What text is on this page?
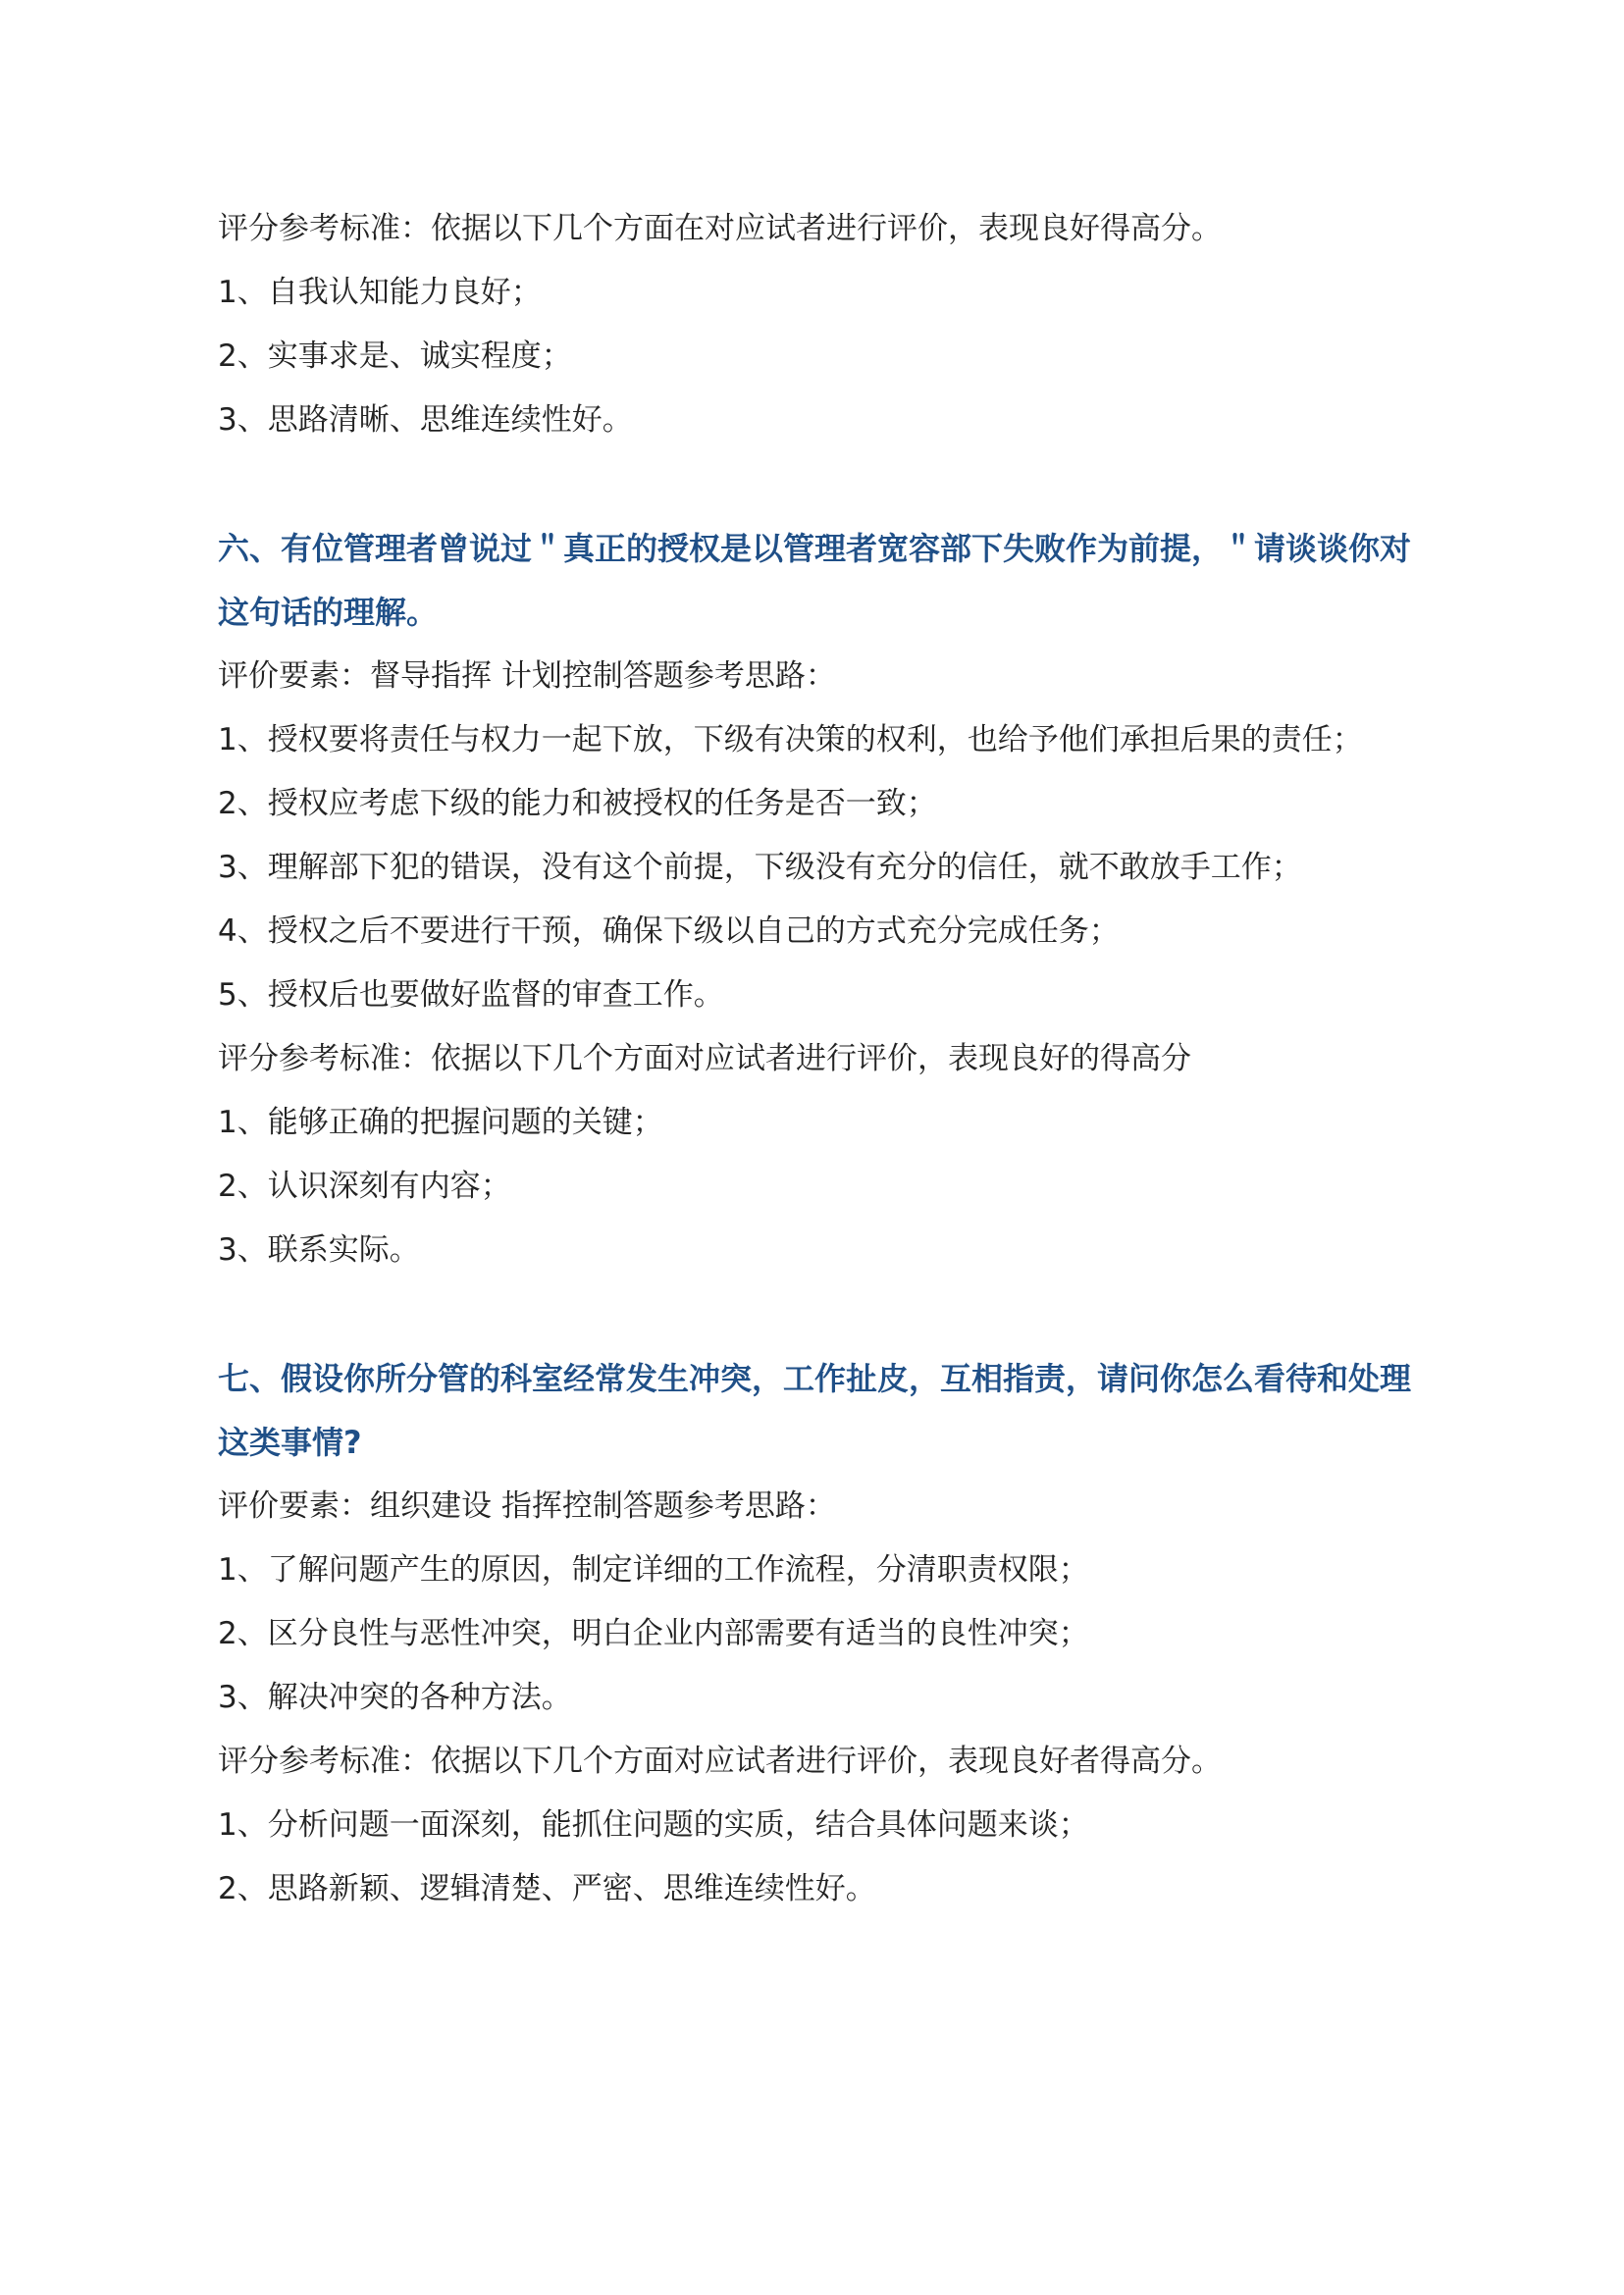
评分参考标准：依据以下几个方面在对应试者进行评价，表现良好得高分。
1、自我认知能力良好；
2、实事求是、诚实程度；
3、思路清晰、思维连续性好。
六、有位管理者曾说过＂真正的授权是以管理者宽容部下失败作为前提，＂请谈谈你对
这句话的理解。
评价要素：督导指挥 计划控制答题参考思路：
1、授权要将责任与权力一起下放，下级有决策的权利，也给予他们承担后果的责任；
2、授权应考虑下级的能力和被授权的任务是否一致；
3、理解部下犯的错误，没有这个前提，下级没有充分的信任，就不敢放手工作；
4、授权之后不要进行干预，确保下级以自己的方式充分完成任务；
5、授权后也要做好监督的审查工作。
评分参考标准：依据以下几个方面对应试者进行评价，表现良好的得高分
1、能够正确的把握问题的关键；
2、认识深刻有内容；
3、联系实际。
七、假设你所分管的科室经常发生冲突，工作扯皮，互相指责，请问你怎么看待和处理
这类事情?
评价要素：组织建设 指挥控制答题参考思路：
1、了解问题产生的原因，制定详细的工作流程，分清职责权限；
2、区分良性与恶性冲突，明白企业内部需要有适当的良性冲突；
3、解决冲突的各种方法。
评分参考标准：依据以下几个方面对应试者进行评价，表现良好者得高分。
1、分析问题一面深刻，能抓住问题的实质，结合具体问题来谈；
2、思路新颖、逻辑清楚、严密、思维连续性好。
